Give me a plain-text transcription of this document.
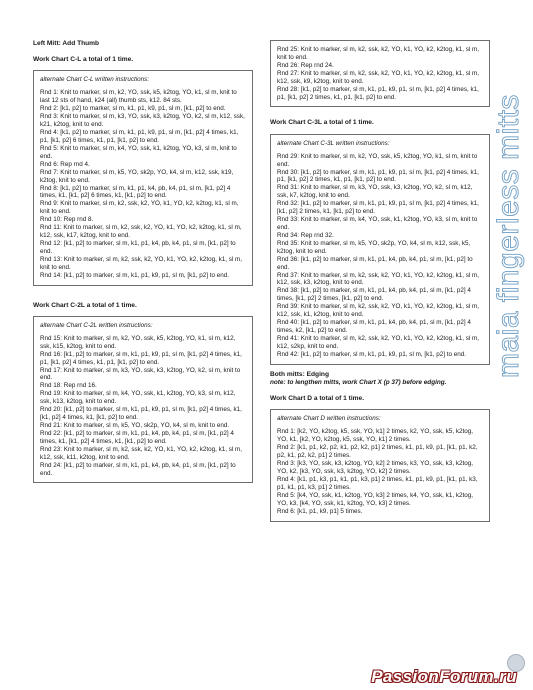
Left Mitt: Add Thumb

Work Chart C-L a total of 1 time.

alternate Chart C-L written instructions:

Rnd 1: Knit to marker, sl m, k2, YO, ssk, k5, k2tog, YO, k1, sl m, knit to last 12 sts of hand, k24 (all) thumb sts, k12. 84 sts.

Rnd 2: [k1, p2] to marker, sl m, k1, p1, k9, p1, sl m, [k1, p2] to end.

Rnd 3: Knit to marker, sl m, k3, YO, ssk, k3, k2tog, YO, k2, sl m, k12, ssk, k21, k2tog, knit to end.

Rnd 4: [k1, p2] to marker, sl m, k1, p1, k9, p1, sl m, [k1, p2] 4 times, k1, p1, [k1, p2] 6 times, k1, p1, [k1, p2] to end.

Rnd 5: Knit to marker, sl m, k4, YO, ssk, k1, k2tog, YO, k3, sl m, knit to end.

Rnd 6: Rep rnd 4.

Rnd 7: Knit to marker, sl m, k5, YO, sk2p, YO, k4, sl m, k12, ssk, k19, k2tog, knit to end.

Rnd 8: [k1, p2] to marker, sl m, k1, p1, k4, pb, k4, p1, sl m, [k1, p2] 4 times, k1, [k1, p2] 6 times, k1, [k1, p2] to end.

Rnd 9: Knit to marker, sl m, k2, ssk, k2, YO, k1, YO, k2, k2tog, k1, sl m, knit to end.

Rnd 10: Rep rnd 8.

Rnd 11: Knit to marker, sl m, k2, ssk, k2, YO, k1, YO, k2, k2tog, k1, sl m, k12, ssk, k17, k2tog, knit to end.

Rnd 12: [k1, p2] to marker, sl m, k1, p1, k4, pb, k4, p1, sl m, [k1, p2] to end.

Rnd 13: Knit to marker, sl m, k2, ssk, k2, YO, k1, YO, k2, k2tog, k1, sl m, knit to end.

Rnd 14: [k1, p2] to marker, sl m, k1, p1, k9, p1, sl m, [k1, p2] to end.

Work Chart C-2L a total of 1 time.

alternate Chart C-2L written instructions:

Rnd 15: Knit to marker, sl m, k2, YO, ssk, k5, k2tog, YO, k1, sl m, k12, ssk, k15, k2tog, knit to end.

Rnd 16: [k1, p2] to marker, sl m, k1, p1, k9, p1, sl m, [k1, p2] 4 times, k1, p1, [k1, p2] 4 times, k1, p1, [k1, p2] to end.

Rnd 17: Knit to marker, sl m, k3, YO, ssk, k3, k2tog, YO, k2, sl m, knit to end.

Rnd 18: Rep rnd 16.

Rnd 19: Knit to marker, sl m, k4, YO, ssk, k1, k2tog, YO, k3, sl m, k12, ssk, k13, k2tog, knit to end.

Rnd 20: [k1, p2] to marker, sl m, k1, p1, k9, p1, sl m, [k1, p2] 4 times, k1, [k1, p2] 4 times, k1, [k1, p2] to end.

Rnd 21: Knit to marker, sl m, k5, YO, sk2p, YO, k4, sl m, knit to end.

Rnd 22: [k1, p2] to marker, sl m, k1, p1, k4, pb, k4, p1, sl m, [k1, p2] 4 times, k1, [k1, p2] 4 times, k1, [k1, p2] to end.

Rnd 23: Knit to marker, sl m, k2, ssk, k2, YO, k1, YO, k2, k2tog, k1, sl m, k12, ssk, k11, k2tog, knit to end.

Rnd 24: [k1, p2] to marker, sl m, k1, p1, k4, pb, k4, p1, sl m, [k1, p2] to end.

Rnd 25: Knit to marker, sl m, k2, ssk, k2, YO, k1, YO, k2, k2tog, k1, sl m, knit to end.

Rnd 26: Rep rnd 24.

Rnd 27: Knit to marker, sl m, k2, ssk, k2, YO, k1, YO, k2, k2tog, k1, sl m, k12, ssk, k9, k2tog, knit to end.

Rnd 28: [k1, p2] to marker, sl m, k1, p1, k9, p1, sl m, [k1, p2] 4 times, k1, p1, [k1, p2] 2 times, k1, p1, [k1, p2] to end.

Work Chart C-3L a total of 1 time.

alternate Chart C-3L written instructions:

Rnd 29: Knit to marker, sl m, k2, YO, ssk, k5, k2tog, YO, k1, sl m, knit to end.

Rnd 30: [k1, p2] to marker, sl m, k1, p1, k9, p1, sl m, [k1, p2] 4 times, k1, p1, [k1, p2] 2 times, k1, p1, [k1, p2] to end.

Rnd 31: Knit to marker, sl m, k3, YO, ssk, k3, k2tog, YO, k2, sl m, k12, ssk, k7, k2tog, knit to end.

Rnd 32: [k1, p2] to marker, sl m, k1, p1, k9, p1, sl m, [k1, p2] 4 times, k1, [k1, p2] 2 times, k1, [k1, p2] to end.

Rnd 33: Knit to marker, sl m, k4, YO, ssk, k1, k2tog, YO, k3, sl m, knit to end.

Rnd 34: Rep rnd 32.

Rnd 35: Knit to marker, sl m, k5, YO, sk2p, YO, k4, sl m, k12, ssk, k5, k2tog, knit to end.

Rnd 36: [k1, p2] to marker, sl m, k1, p1, k4, pb, k4, p1, sl m, [k1, p2] to end.

Rnd 37: Knit to marker, sl m, k2, ssk, k2, YO, k1, YO, k2, k2tog, k1, sl m, k12, ssk, k3, k2tog, knit to end.

Rnd 38: [k1, p2] to marker, sl m, k1, p1, k4, pb, k4, p1, sl m, [k1, p2] 4 times, [k1, p2] 2 times, [k1, p2] to end.

Rnd 39: Knit to marker, sl m, k2, ssk, k2, YO, k1, YO, k2, k2tog, k1, sl m, k12, ssk, k1, k2tog, knit to end.

Rnd 40: [k1, p2] to marker, sl m, k1, p1, k4, pb, k4, p1, sl m, [k1, p2] 4 times, k2, [k1, p2] to end.

Rnd 41: Knit to marker, sl m, k2, ssk, k2, YO, k1, YO, k2, k2tog, k1, sl m, k12, s2kp, knit to end.

Rnd 42: [k1, p2] to marker, sl m, k1, p1, k9, p1, sl m, [k1, p2] to end.

Both mitts: Edging

note: to lengthen mitts, work Chart X (p 37) before edging.

Work Chart D a total of 1 time.

alternate Chart D written instructions:

Rnd 1: [k2, YO, k2tog, k5, ssk, YO, k1] 2 times, k2, YO, ssk, k5, k2tog, YO, k1, [k2, YO, k2tog, k5, ssk, YO, k1] 2 times.

Rnd 2: [k1, p1, k2, p2, k1, p2, k2, p1] 2 times, k1, p1, k9, p1, [k1, p1, k2, p2, k1, p2, k2, p1] 2 times.

Rnd 3: [k3, YO, ssk, k3, k2tog, YO, k2] 2 times, k3, YO, ssk, k3, k2tog, YO, k2, [k3, YO, ssk, k3, k2tog, YO, k2] 2 times.

Rnd 4: [k1, p1, k3, p1, k1, p1, k3, p1] 2 times, k1, p1, k9, p1, [k1, p1, k3, p1, k1, p1, k3, p1] 2 times.

Rnd 5: [k4, YO, ssk, k1, k2tog, YO, k3] 2 times, k4, YO, ssk, k1, k2tog, YO, k3, [k4, YO, ssk, k1, k2tog, YO, k3] 2 times.

Rnd 6: [k1, p1, k9, p1] 5 times.

maia fingerless mitts
PassionForum.ru
